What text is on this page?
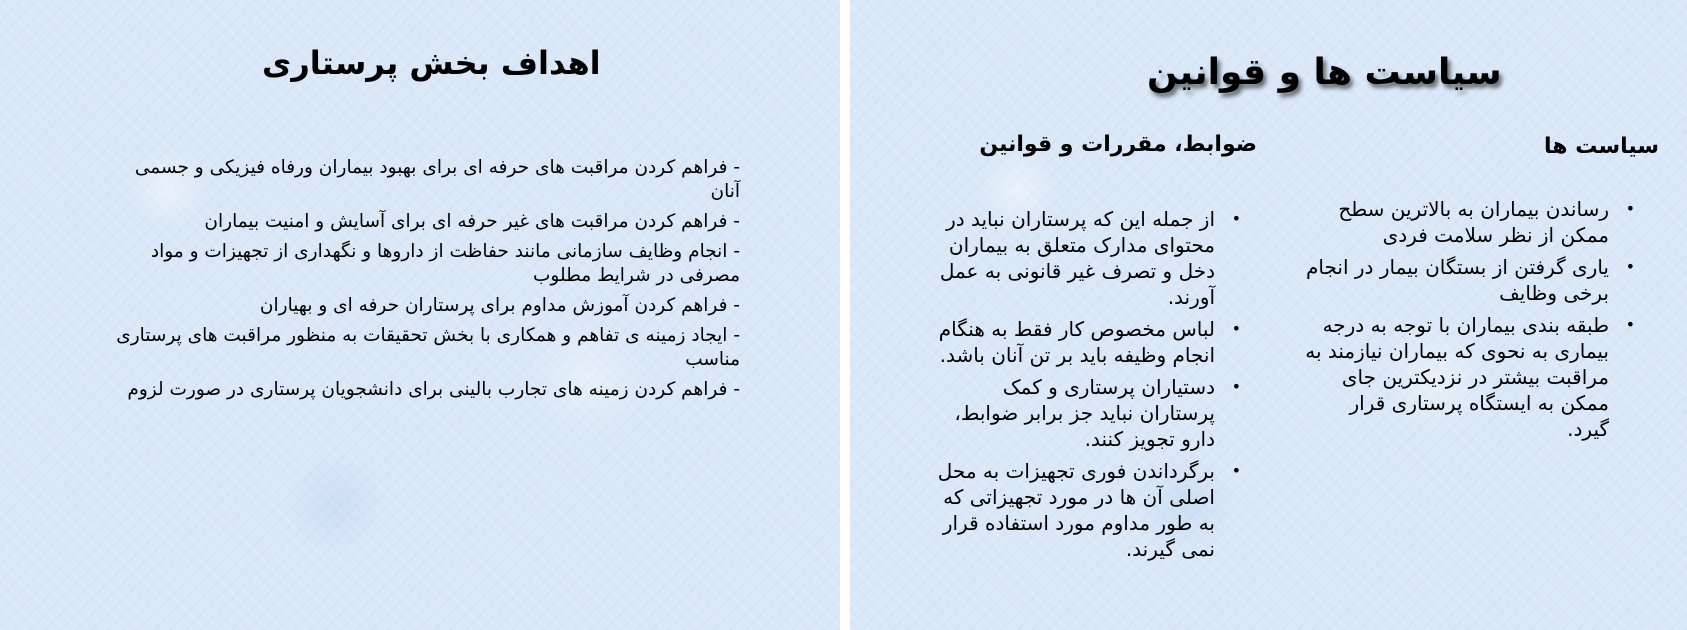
اهداف بخش پرستاری
- فراهم کردن مراقبت های حرفه ای برای بهبود بیماران ورفاه فیزیکی و جسمی آنان
- فراهم کردن مراقبت های غیر حرفه ای برای آسایش و امنیت بیماران
- انجام وظایف سازمانی مانند حفاظت از داروها و نگهداری از تجهیزات و مواد مصرفی در شرایط مطلوب
- فراهم کردن آموزش مداوم برای پرستاران حرفه ای و بهیاران
- ایجاد زمینه ی تفاهم و همکاری با بخش تحقیقات به منظور مراقبت های پرستاری مناسب
- فراهم کردن زمینه های تجارب بالینی برای دانشجویان پرستاری در صورت لزوم
سیاست ها و قوانین
سیاست ها
ضوابط، مقررات و قوانین
•
رساندن بیماران به بالاترین سطح ممکن از نظر سلامت فردی
•
یاری گرفتن از بستگان بیمار در انجام برخی وظایف
•
طبقه بندی بیماران با توجه به درجه بیماری به نحوی که بیماران نیازمند به مراقبت بیشتر در نزدیکترین جای ممکن به ایستگاه پرستاری قرار گیرد.
•
از جمله این که پرستاران نباید در محتوای مدارک متعلق به بیماران دخل و تصرف غیر قانونی به عمل آورند.
•
لباس مخصوص کار فقط به هنگام انجام وظیفه باید بر تن آنان باشد.
•
دستیاران پرستاری و کمک پرستاران نباید جز برابر ضوابط، دارو تجویز کنند.
•
برگرداندن فوری تجهیزات به محل اصلی آن ها در مورد تجهیزاتی که به طور مداوم مورد استفاده قرار نمی گیرند.
